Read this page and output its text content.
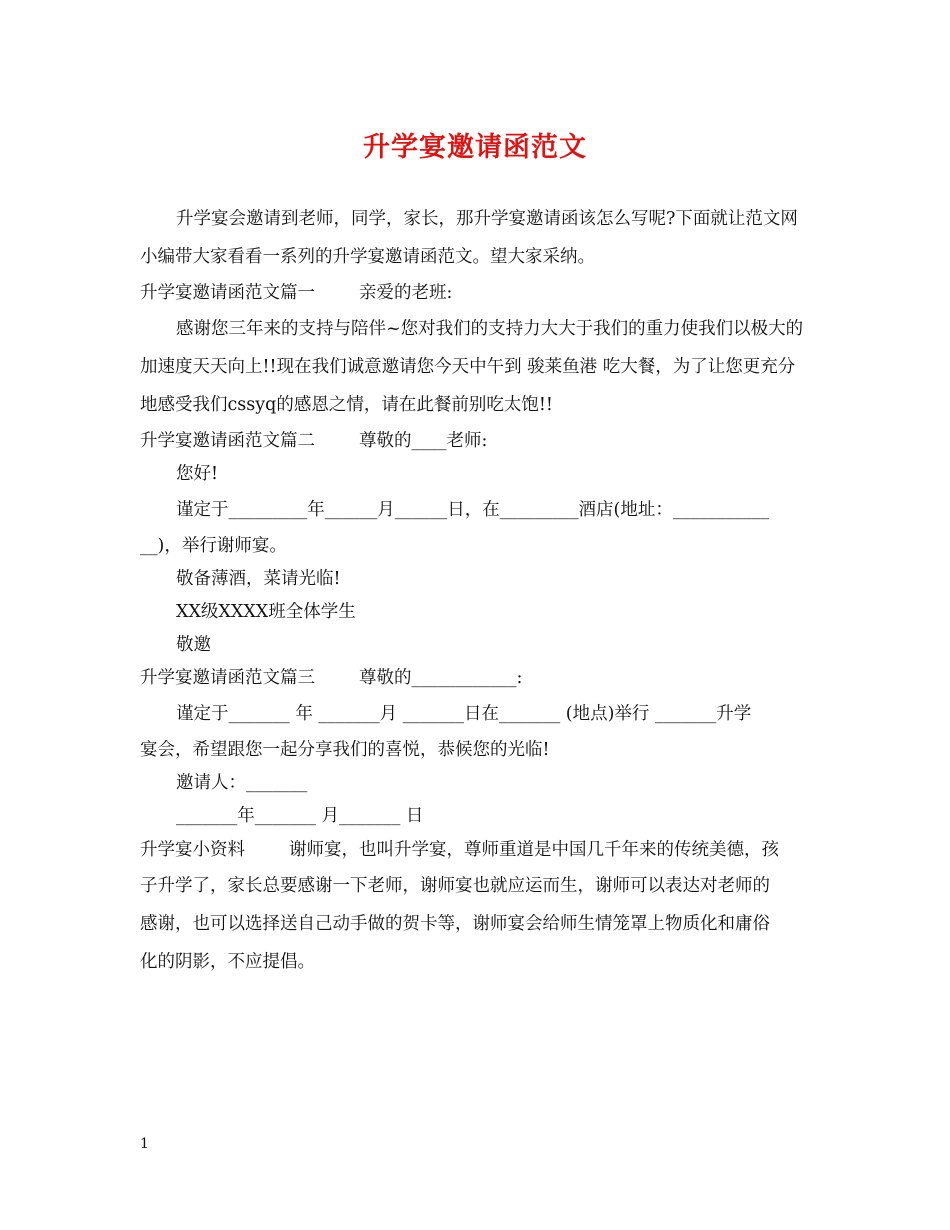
升学宴邀请函范文

升学宴会邀请到老师，同学，家长，那升学宴邀请函该怎么写呢?下面就让范文网小编带大家看看一系列的升学宴邀请函范文。望大家采纳。

升学宴邀请函范文篇一	亲爱的老班:

感谢您三年来的支持与陪伴~您对我们的支持力大大于我们的重力使我们以极大的加速度天天向上!!现在我们诚意邀请您今天中午到 骏莱鱼港 吃大餐，为了让您更充分地感受我们cssyq的感恩之情，请在此餐前别吃太饱!!

升学宴邀请函范文篇二	尊敬的____老师:

您好!

谨定于_________年______月______日，在_________酒店(地址：___________

__)，举行谢师宴。

敬备薄酒，菜请光临!

XX级XXXX班全体学生

敬邀

升学宴邀请函范文篇三	尊敬的____________:

谨定于_______ 年 _______月 _______日在_______ (地点)举行 _______升学

宴会，希望跟您一起分享我们的喜悦，恭候您的光临!

邀请人：_______

_______年_______ 月_______ 日

升学宴小资料	谢师宴，也叫升学宴，尊师重道是中国几千年来的传统美德，孩

子升学了，家长总要感谢一下老师，谢师宴也就应运而生，谢师可以表达对老师的

感谢，也可以选择送自己动手做的贺卡等，谢师宴会给师生情笼罩上物质化和庸俗

化的阴影，不应提倡。

1
